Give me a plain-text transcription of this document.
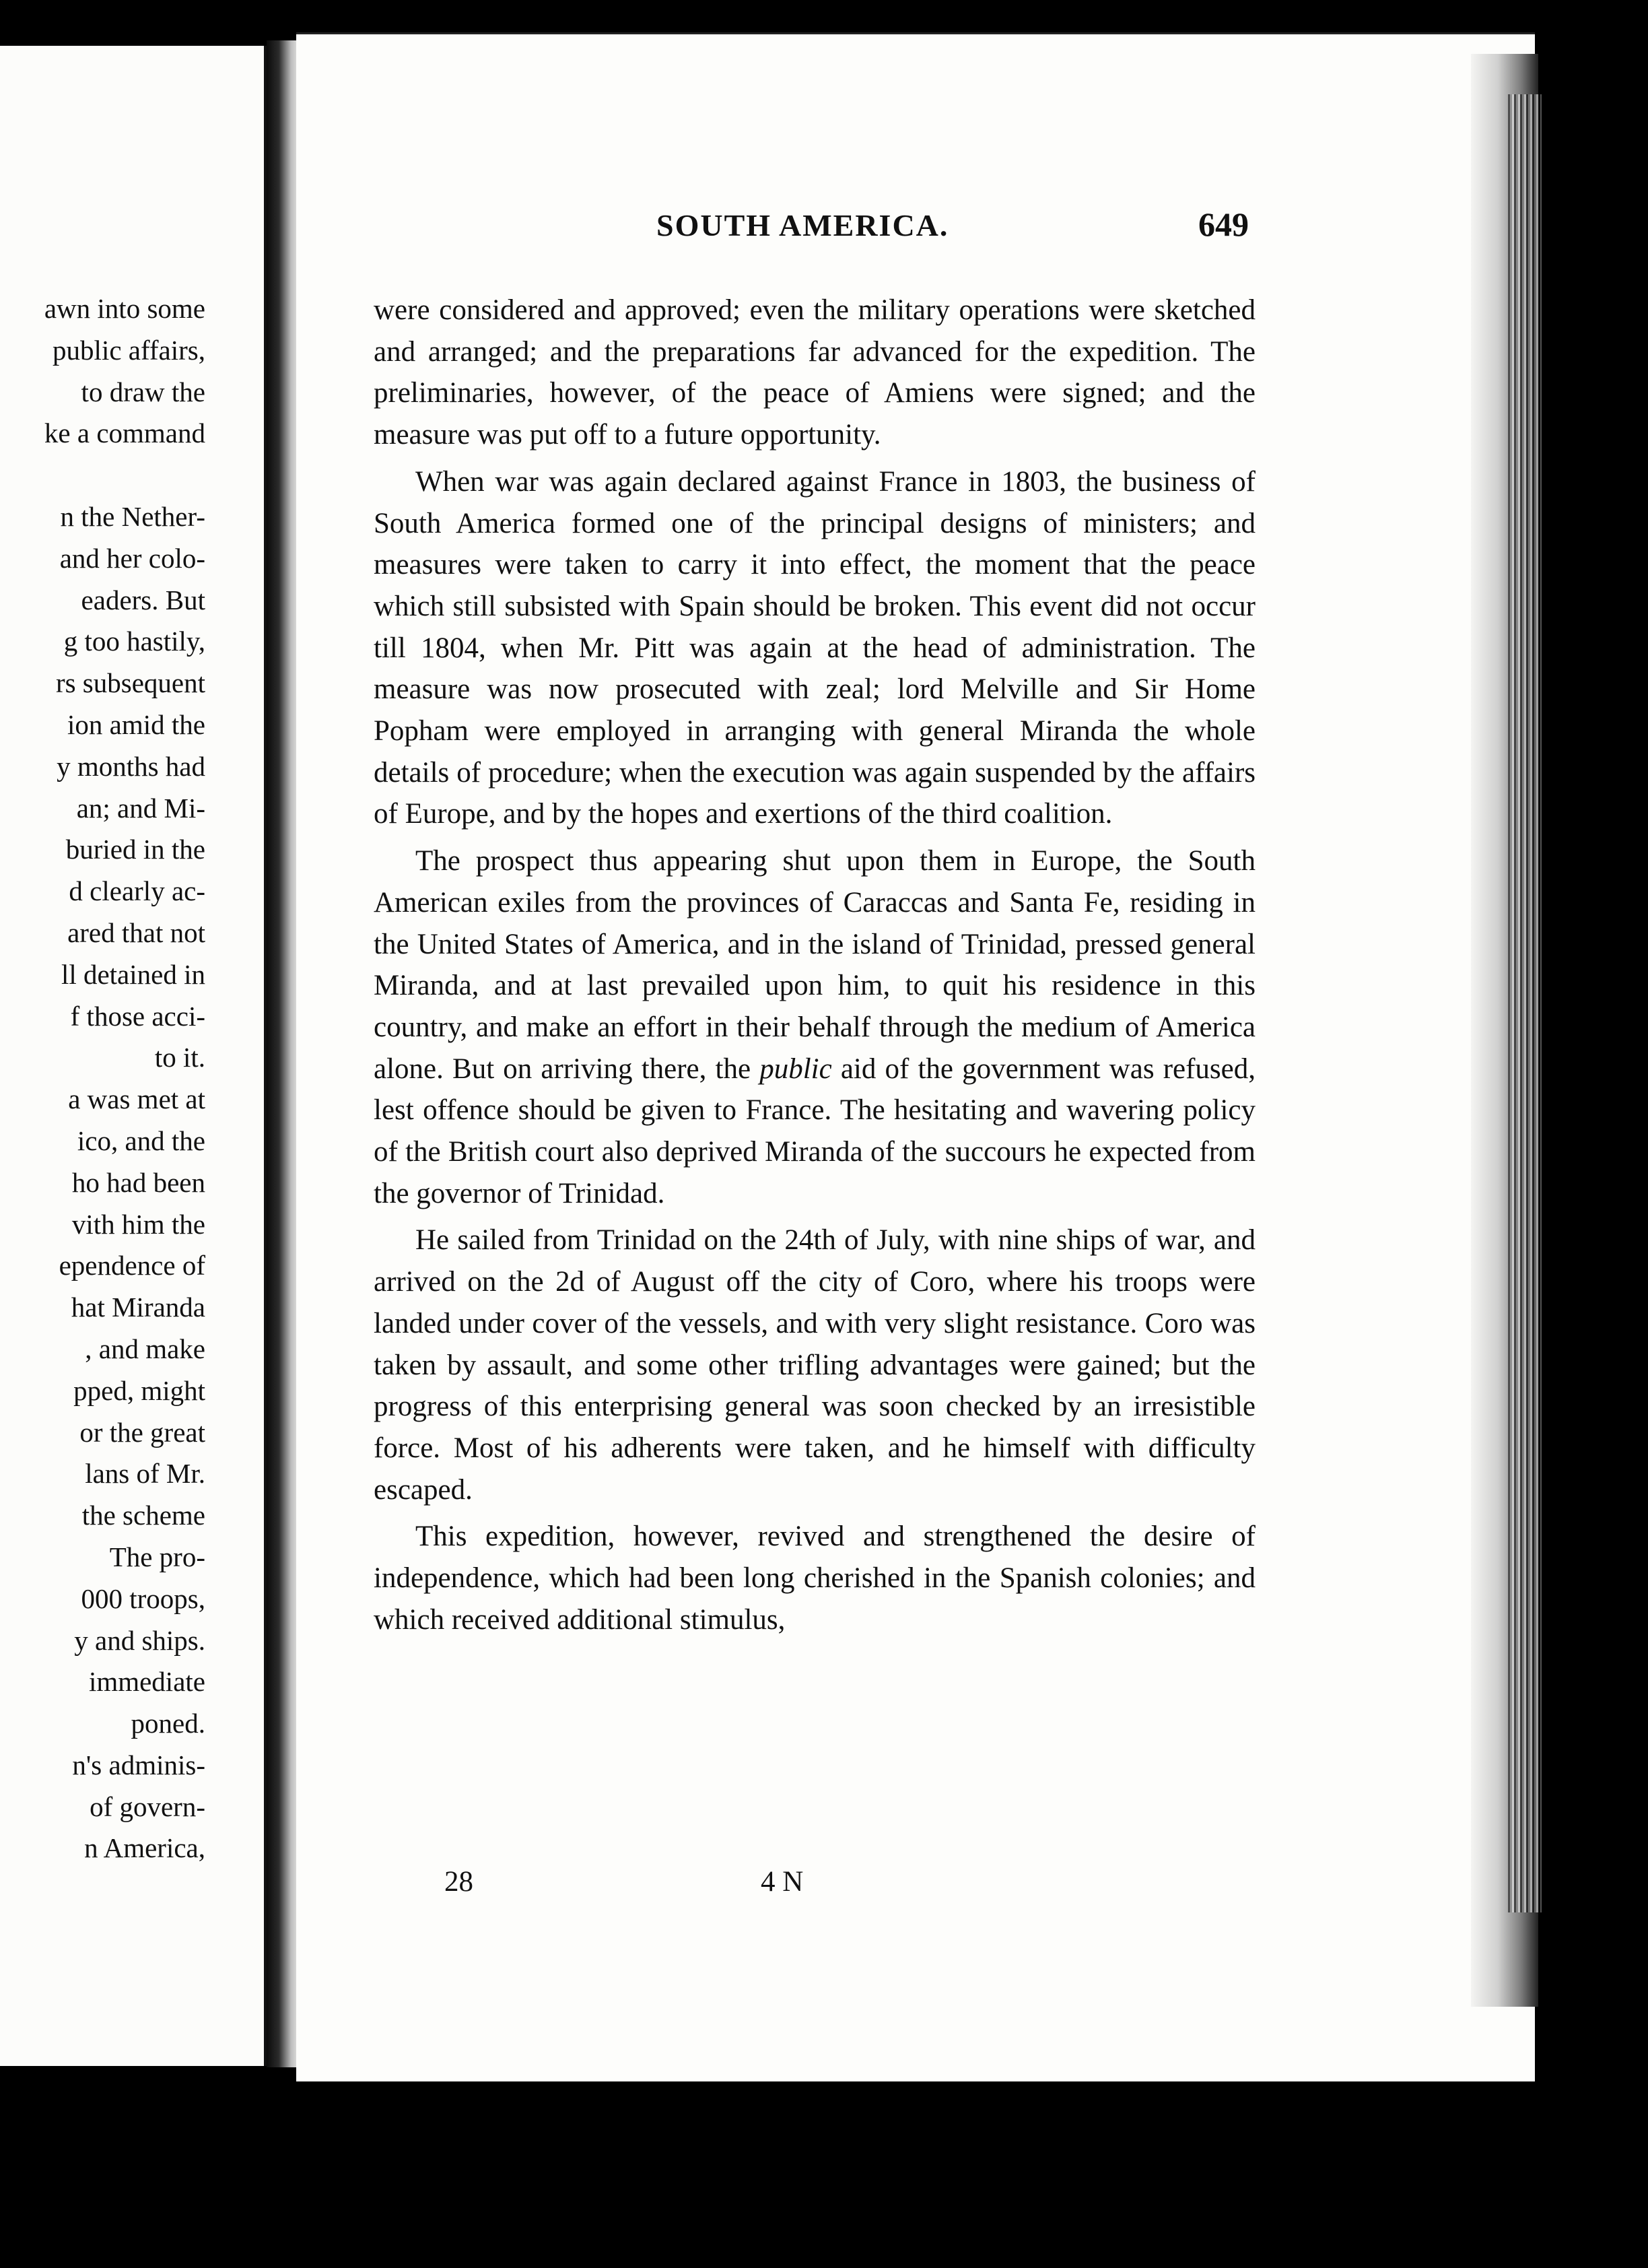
awn into some
public affairs,
to draw the
ke a command
n the Nether-
and her colo-
eaders. But
g too hastily,
rs subsequent
ion amid the
y months had
an; and Mi-
buried in the
d clearly ac-
ared that not
ll detained in
f those acci-
to it.
a was met at
ico, and the
ho had been
vith him the
ependence of
hat Miranda
, and make
pped, might
or the great
lans of Mr.
the scheme
The pro-
000 troops,
y and ships.
immediate
poned.
n's adminis-
of govern-
n America,
SOUTH AMERICA.	649

were considered and approved; even the military operations were sketched and arranged; and the preparations far advanced for the expedition. The preliminaries, however, of the peace of Amiens were signed; and the measure was put off to a future opportunity.

When war was again declared against France in 1803, the business of South America formed one of the principal designs of ministers; and measures were taken to carry it into effect, the moment that the peace which still subsisted with Spain should be broken. This event did not occur till 1804, when Mr. Pitt was again at the head of administration. The measure was now prosecuted with zeal; lord Melville and Sir Home Popham were employed in arranging with general Miranda the whole details of procedure; when the execution was again suspended by the affairs of Europe, and by the hopes and exertions of the third coalition.

The prospect thus appearing shut upon them in Europe, the South American exiles from the provinces of Caraccas and Santa Fe, residing in the United States of America, and in the island of Trinidad, pressed general Miranda, and at last prevailed upon him, to quit his residence in this country, and make an effort in their behalf through the medium of America alone. But on arriving there, the public aid of the government was refused, lest offence should be given to France. The hesitating and wavering policy of the British court also deprived Miranda of the succours he expected from the governor of Trinidad.

He sailed from Trinidad on the 24th of July, with nine ships of war, and arrived on the 2d of August off the city of Coro, where his troops were landed under cover of the vessels, and with very slight resistance. Coro was taken by assault, and some other trifling advantages were gained; but the progress of this enterprising general was soon checked by an irresistible force. Most of his adherents were taken, and he himself with difficulty escaped.

This expedition, however, revived and strengthened the desire of independence, which had been long cherished in the Spanish colonies; and which received additional stimulus,

28	4 N
